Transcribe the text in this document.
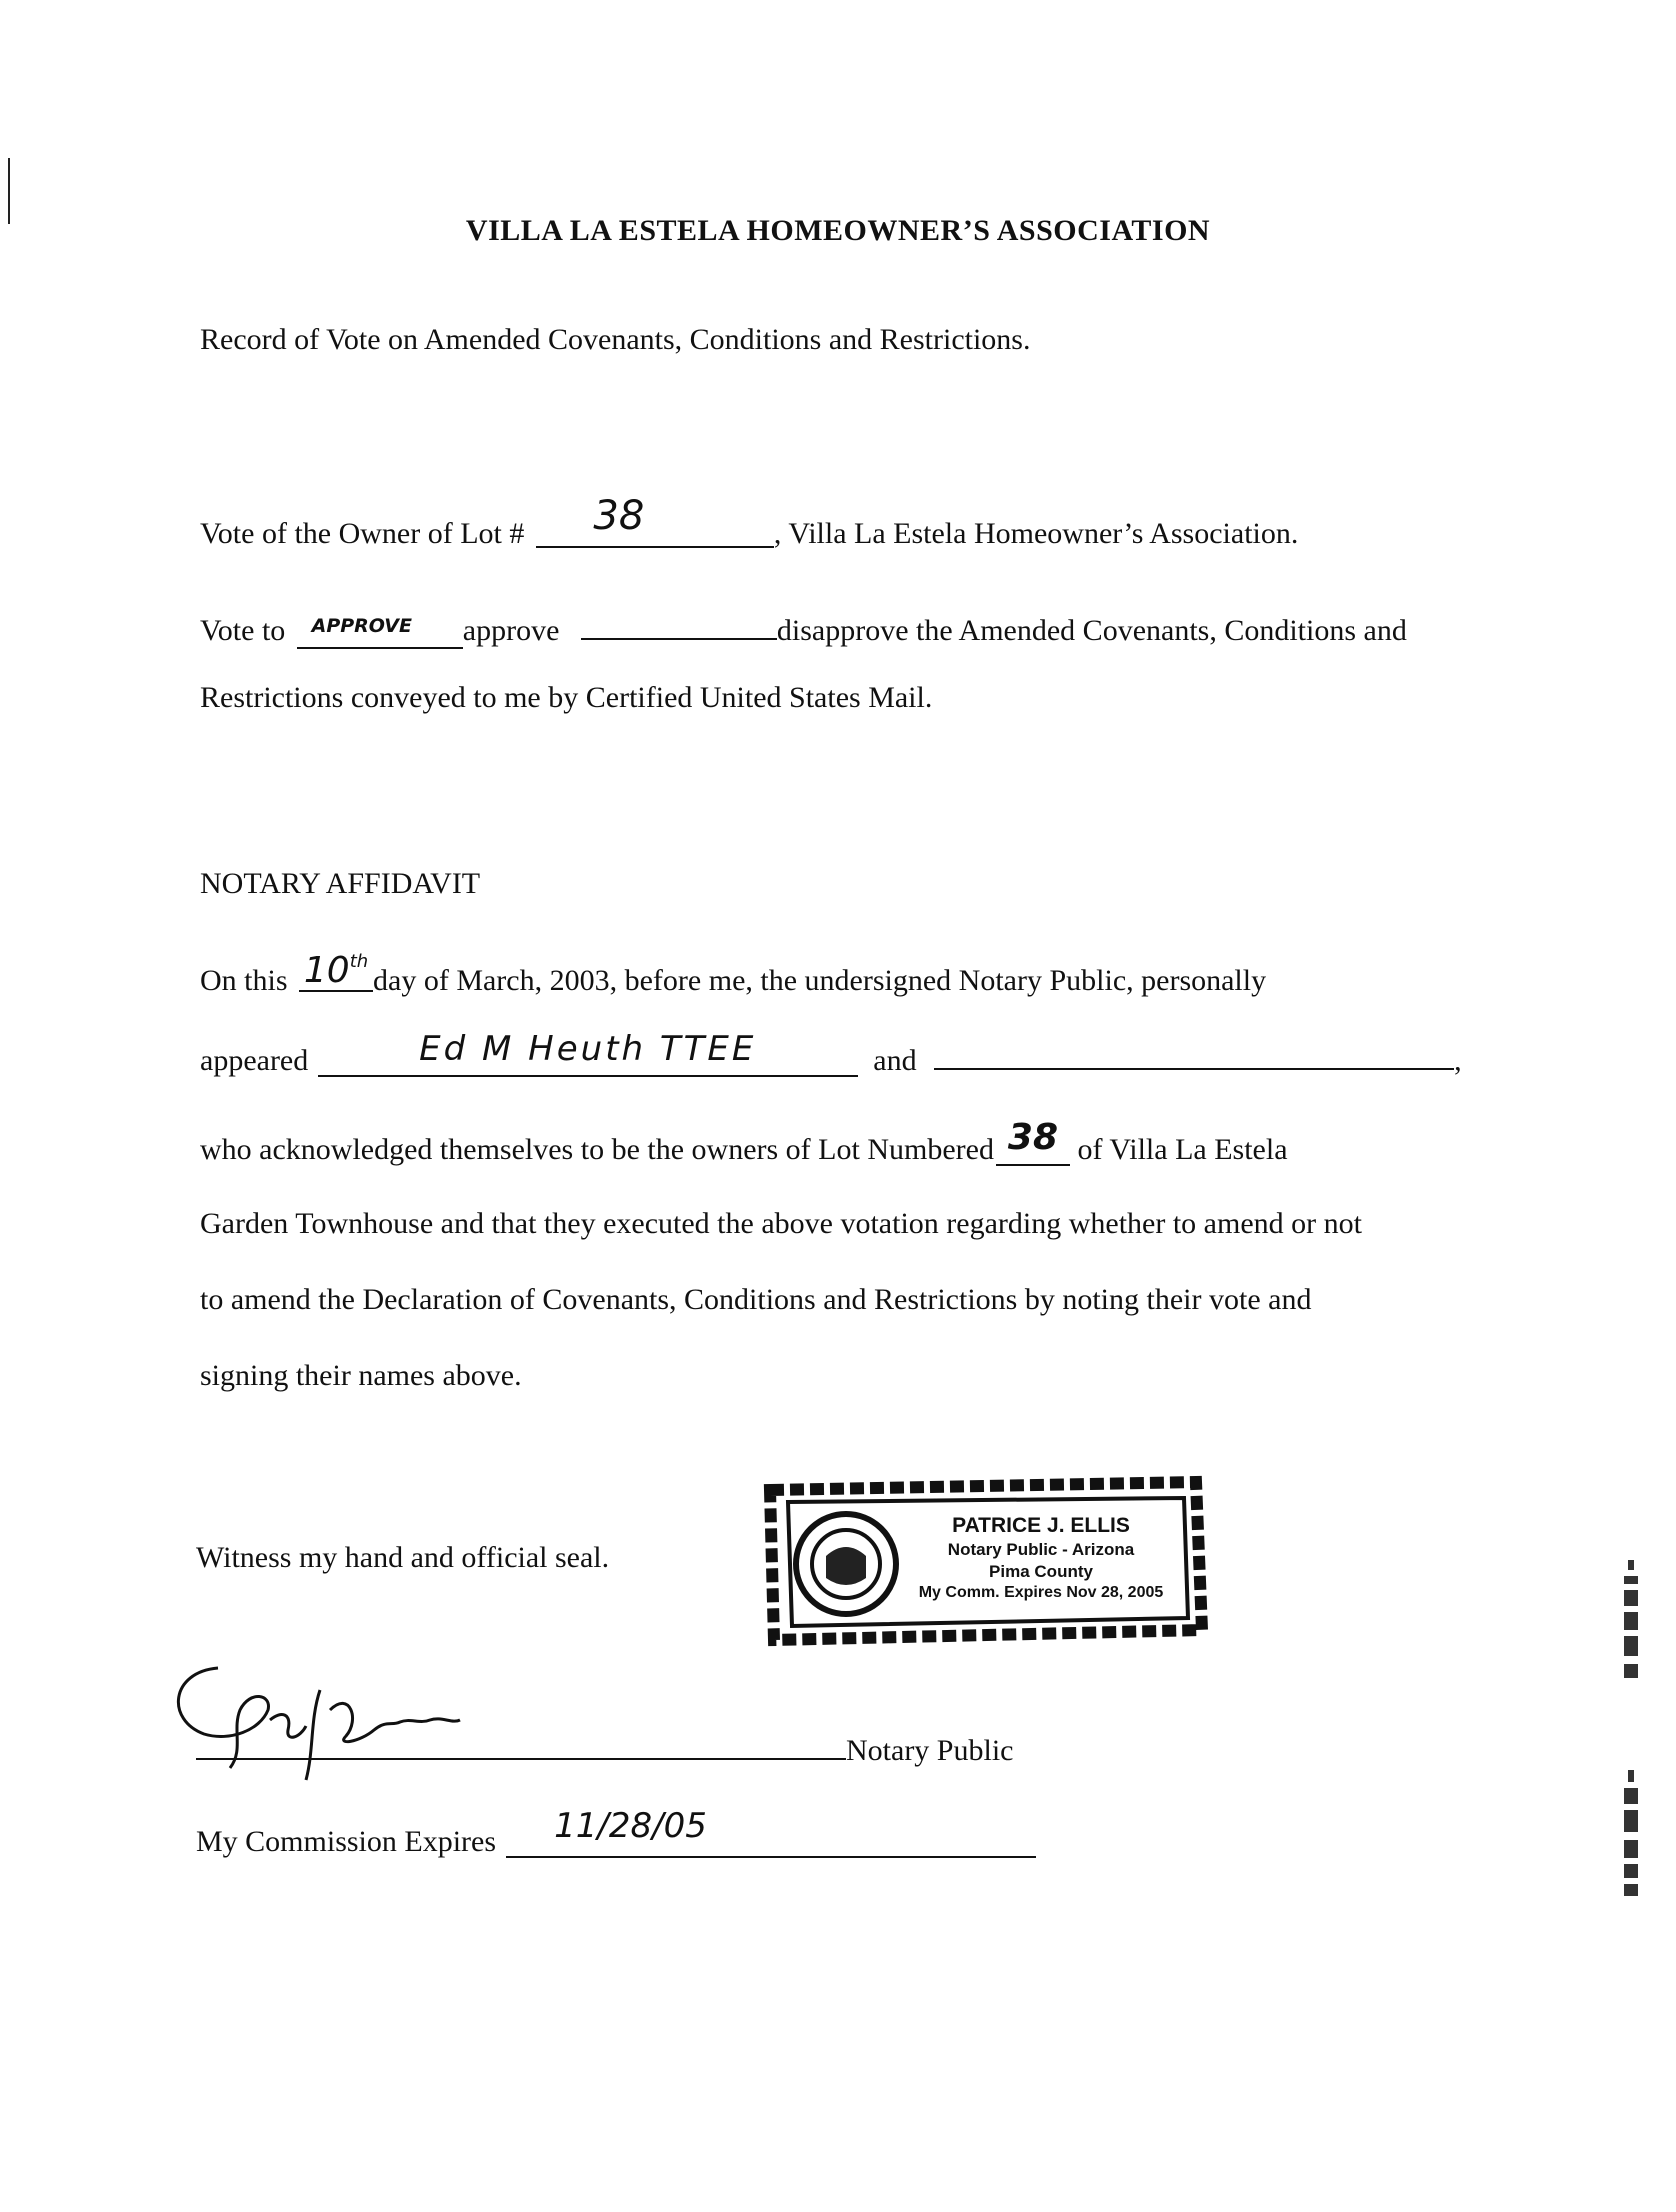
VILLA LA ESTELA HOMEOWNER’S ASSOCIATION
Record of Vote on Amended Covenants, Conditions and Restrictions.
Vote of the Owner of Lot # 38	, Villa La Estela Homeowner’s Association.
Vote to $^{APPROVE}$ approve	disapprove the Amended Covenants, Conditions and
Restrictions conveyed to me by Certified United States Mail.
NOTARY AFFIDAVIT
On this 10thday of March, 2003, before me, the undersigned Notary Public, personally
appeared	Ed M Heuth TTEE	and	,
who acknowledged themselves to be the owners of Lot Numbered 38 of Villa La Estela
Garden Townhouse and that they executed the above votation regarding whether to amend or not
to amend the Declaration of Covenants, Conditions and Restrictions by noting their vote and
signing their names above.
Witness my hand and official seal.
PATRICE J. ELLIS
Notary Public - Arizona
Pima County
My Comm. Expires Nov 28, 2005
Notary Public
My Commission Expires 11/28/05
